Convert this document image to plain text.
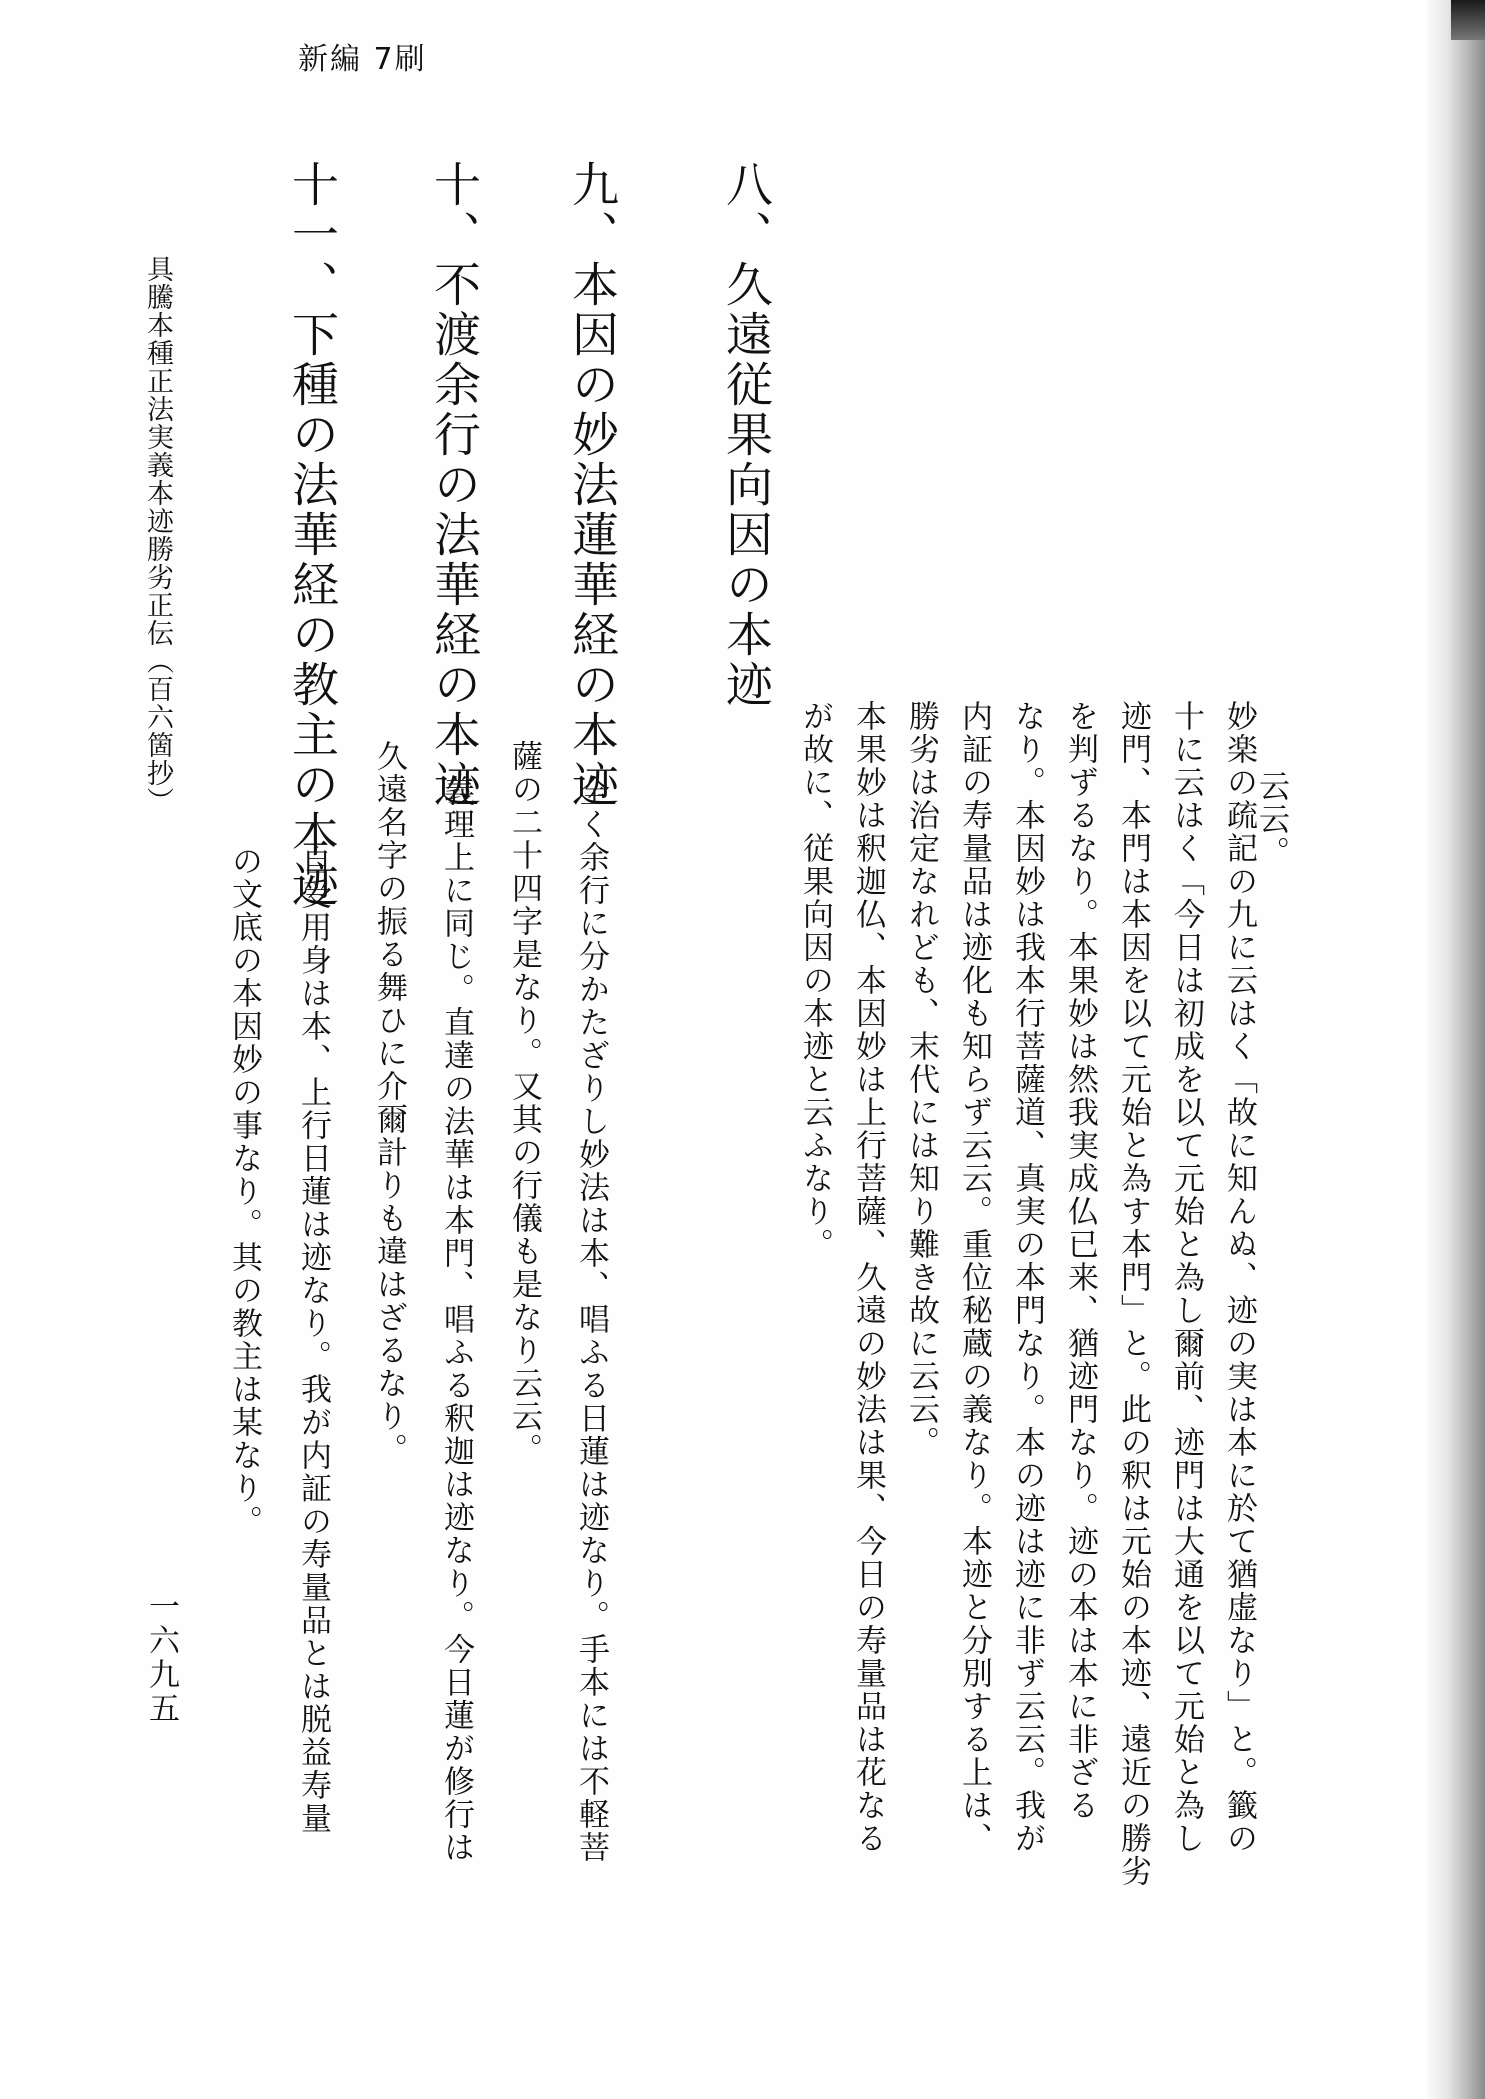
新編 7刷
云云。
妙楽の疏記の九に云はく「故に知んぬ、迹の実は本に於て猶虚なり」と。籤の
十に云はく「今日は初成を以て元始と為し爾前、迹門は大通を以て元始と為し
迹門、本門は本因を以て元始と為す本門」と。此の釈は元始の本迹、遠近の勝劣
を判ずるなり。本果妙は然我実成仏已来、猶迹門なり。迹の本は本に非ざる
なり。本因妙は我本行菩薩道、真実の本門なり。本の迹は迹に非ず云云。我が
内証の寿量品は迹化も知らず云云。重位秘蔵の義なり。本迹と分別する上は、
勝劣は治定なれども、末代には知り難き故に云云。
本果妙は釈迦仏、本因妙は上行菩薩、久遠の妙法は果、今日の寿量品は花なる
が故に、従果向因の本迹と云ふなり。
八、久遠従果向因の本迹
九、本因の妙法蓮華経の本迹
全く余行に分かたざりし妙法は本、唱ふる日蓮は迹なり。手本には不軽菩
薩の二十四字是なり。又其の行儀も是なり云云。
十、不渡余行の法華経の本迹
義理上に同じ。直達の法華は本門、唱ふる釈迦は迹なり。今日蓮が修行は
久遠名字の振る舞ひに介爾計りも違はざるなり。
十一、下種の法華経の教主の本迹
自受用身は本、上行日蓮は迹なり。我が内証の寿量品とは脱益寿量
の文底の本因妙の事なり。其の教主は某なり。
具騰本種正法実義本迹勝劣正伝（百六箇抄）
一六九五
